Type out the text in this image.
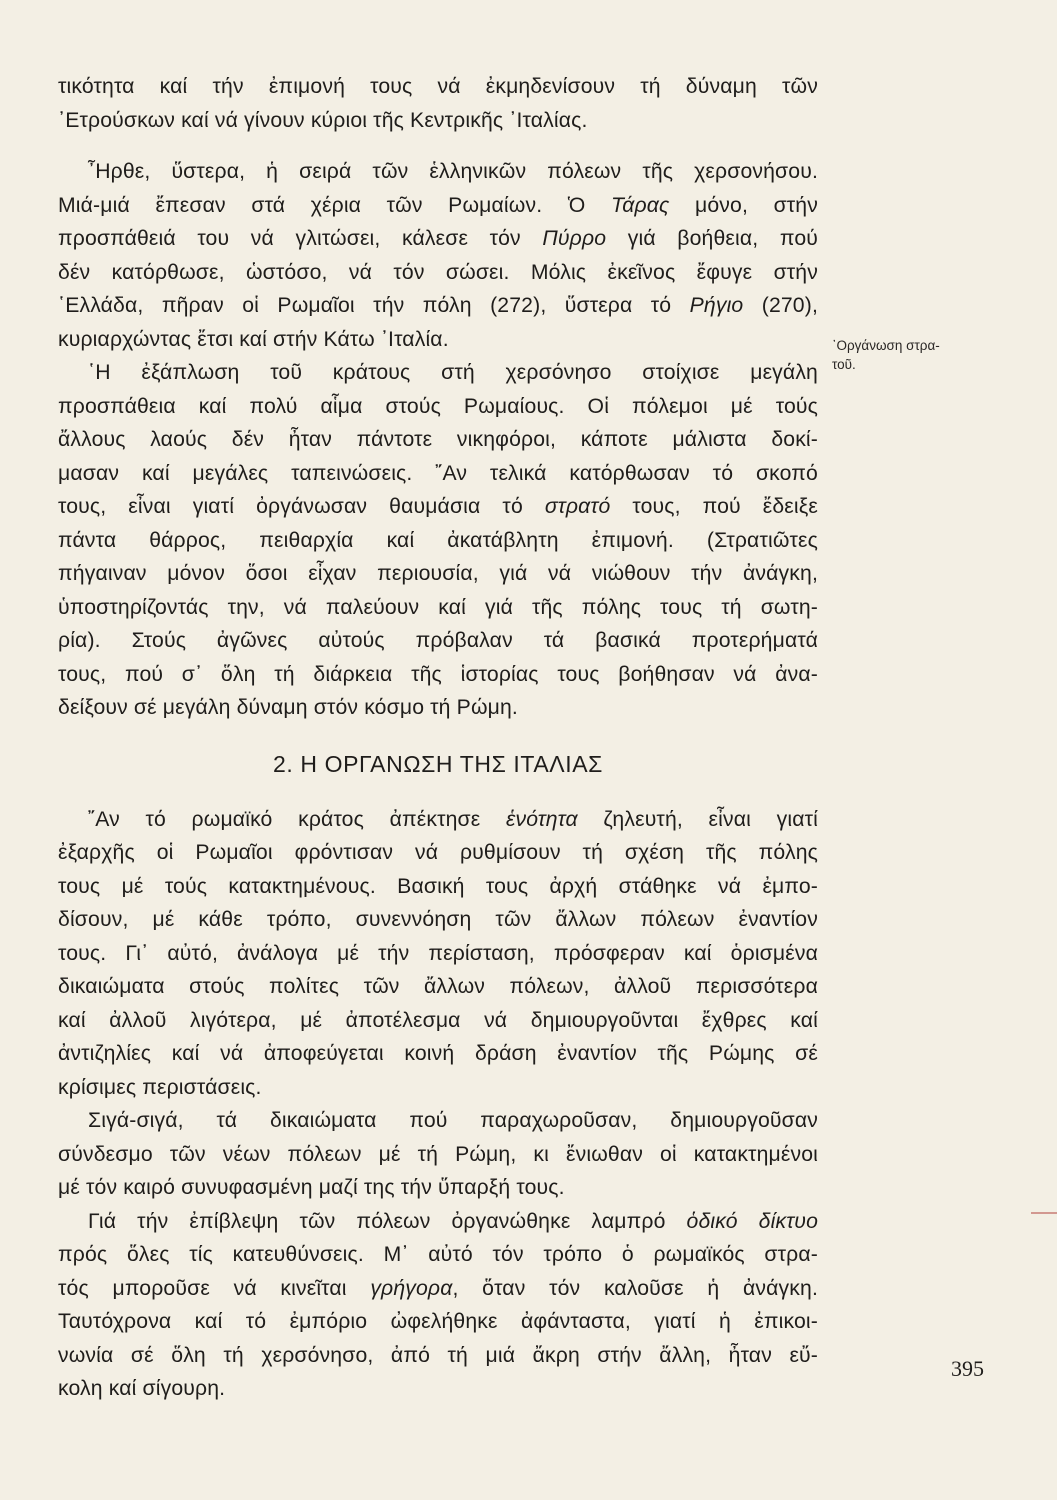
τικότητα καί τήν ἐπιμονή τους νά ἐκμηδενίσουν τή δύναμη τῶν
᾿Ετρούσκων καί νά γίνουν κύριοι τῆς Κεντρικῆς ᾿Ιταλίας.
῏Ηρθε, ὕστερα, ἡ σειρά τῶν ἑλληνικῶν πόλεων τῆς χερσονήσου.
Μιά-μιά ἔπεσαν στά χέρια τῶν Ρωμαίων. Ὁ Τάρας μόνο, στήν
προσπάθειά του νά γλιτώσει, κάλεσε τόν Πύρρο γιά βοήθεια, πού
δέν κατόρθωσε, ὡστόσο, νά τόν σώσει. Μόλις ἐκεῖνος ἔφυγε στήν
῾Ελλάδα, πῆραν οἱ Ρωμαῖοι τήν πόλη (272), ὕστερα τό Ρήγιο (270),
κυριαρχώντας ἔτσι καί στήν Κάτω ᾿Ιταλία.
῾Η ἐξάπλωση τοῦ κράτους στή χερσόνησο στοίχισε μεγάλη
προσπάθεια καί πολύ αἷμα στούς Ρωμαίους. Οἱ πόλεμοι μέ τούς
ἄλλους λαούς δέν ἦταν πάντοτε νικηφόροι, κάποτε μάλιστα δοκί-
μασαν καί μεγάλες ταπεινώσεις. ῎Αν τελικά κατόρθωσαν τό σκοπό
τους, εἶναι γιατί ὀργάνωσαν θαυμάσια τό στρατό τους, πού ἔδειξε
πάντα θάρρος, πειθαρχία καί ἀκατάβλητη ἐπιμονή. (Στρατιῶτες
πήγαιναν μόνον ὅσοι εἶχαν περιουσία, γιά νά νιώθουν τήν ἀνάγκη,
ὑποστηρίζοντάς την, νά παλεύουν καί γιά τῆς πόλης τους τή σωτη-
ρία). Στούς ἀγῶνες αὐτούς πρόβαλαν τά βασικά προτερήματά
τους, πού σ᾿ ὅλη τή διάρκεια τῆς ἱστορίας τους βοήθησαν νά ἀνα-
δείξουν σέ μεγάλη δύναμη στόν κόσμο τή Ρώμη.
2. Η ΟΡΓΑΝΩΣΗ ΤΗΣ ΙΤΑΛΙΑΣ
῎Αν τό ρωμαϊκό κράτος ἀπέκτησε ἑνότητα ζηλευτή, εἶναι γιατί
ἐξαρχῆς οἱ Ρωμαῖοι φρόντισαν νά ρυθμίσουν τή σχέση τῆς πόλης
τους μέ τούς κατακτημένους. Βασική τους ἀρχή στάθηκε νά ἐμπο-
δίσουν, μέ κάθε τρόπο, συνεννόηση τῶν ἄλλων πόλεων ἐναντίον
τους. Γι᾿ αὐτό, ἀνάλογα μέ τήν περίσταση, πρόσφεραν καί ὁρισμένα
δικαιώματα στούς πολίτες τῶν ἄλλων πόλεων, ἀλλοῦ περισσότερα
καί ἀλλοῦ λιγότερα, μέ ἀποτέλεσμα νά δημιουργοῦνται ἔχθρες καί
ἀντιζηλίες καί νά ἀποφεύγεται κοινή δράση ἐναντίον τῆς Ρώμης σέ
κρίσιμες περιστάσεις.
Σιγά-σιγά, τά δικαιώματα πού παραχωροῦσαν, δημιουργοῦσαν
σύνδεσμο τῶν νέων πόλεων μέ τή Ρώμη, κι ἔνιωθαν οἱ κατακτημένοι
μέ τόν καιρό συνυφασμένη μαζί της τήν ὕπαρξή τους.
Γιά τήν ἐπίβλεψη τῶν πόλεων ὀργανώθηκε λαμπρό ὁδικό δίκτυο
πρός ὅλες τίς κατευθύνσεις. Μ᾿ αὐτό τόν τρόπο ὁ ρωμαϊκός στρα-
τός μποροῦσε νά κινεῖται γρήγορα, ὅταν τόν καλοῦσε ἡ ἀνάγκη.
Ταυτόχρονα καί τό ἐμπόριο ὠφελήθηκε ἀφάνταστα, γιατί ἡ ἐπικοι-
νωνία σέ ὅλη τή χερσόνησο, ἀπό τή μιά ἄκρη στήν ἄλλη, ἦταν εὔ-
κολη καί σίγουρη.
᾿Οργάνωση στρα-
τοῦ.
395
